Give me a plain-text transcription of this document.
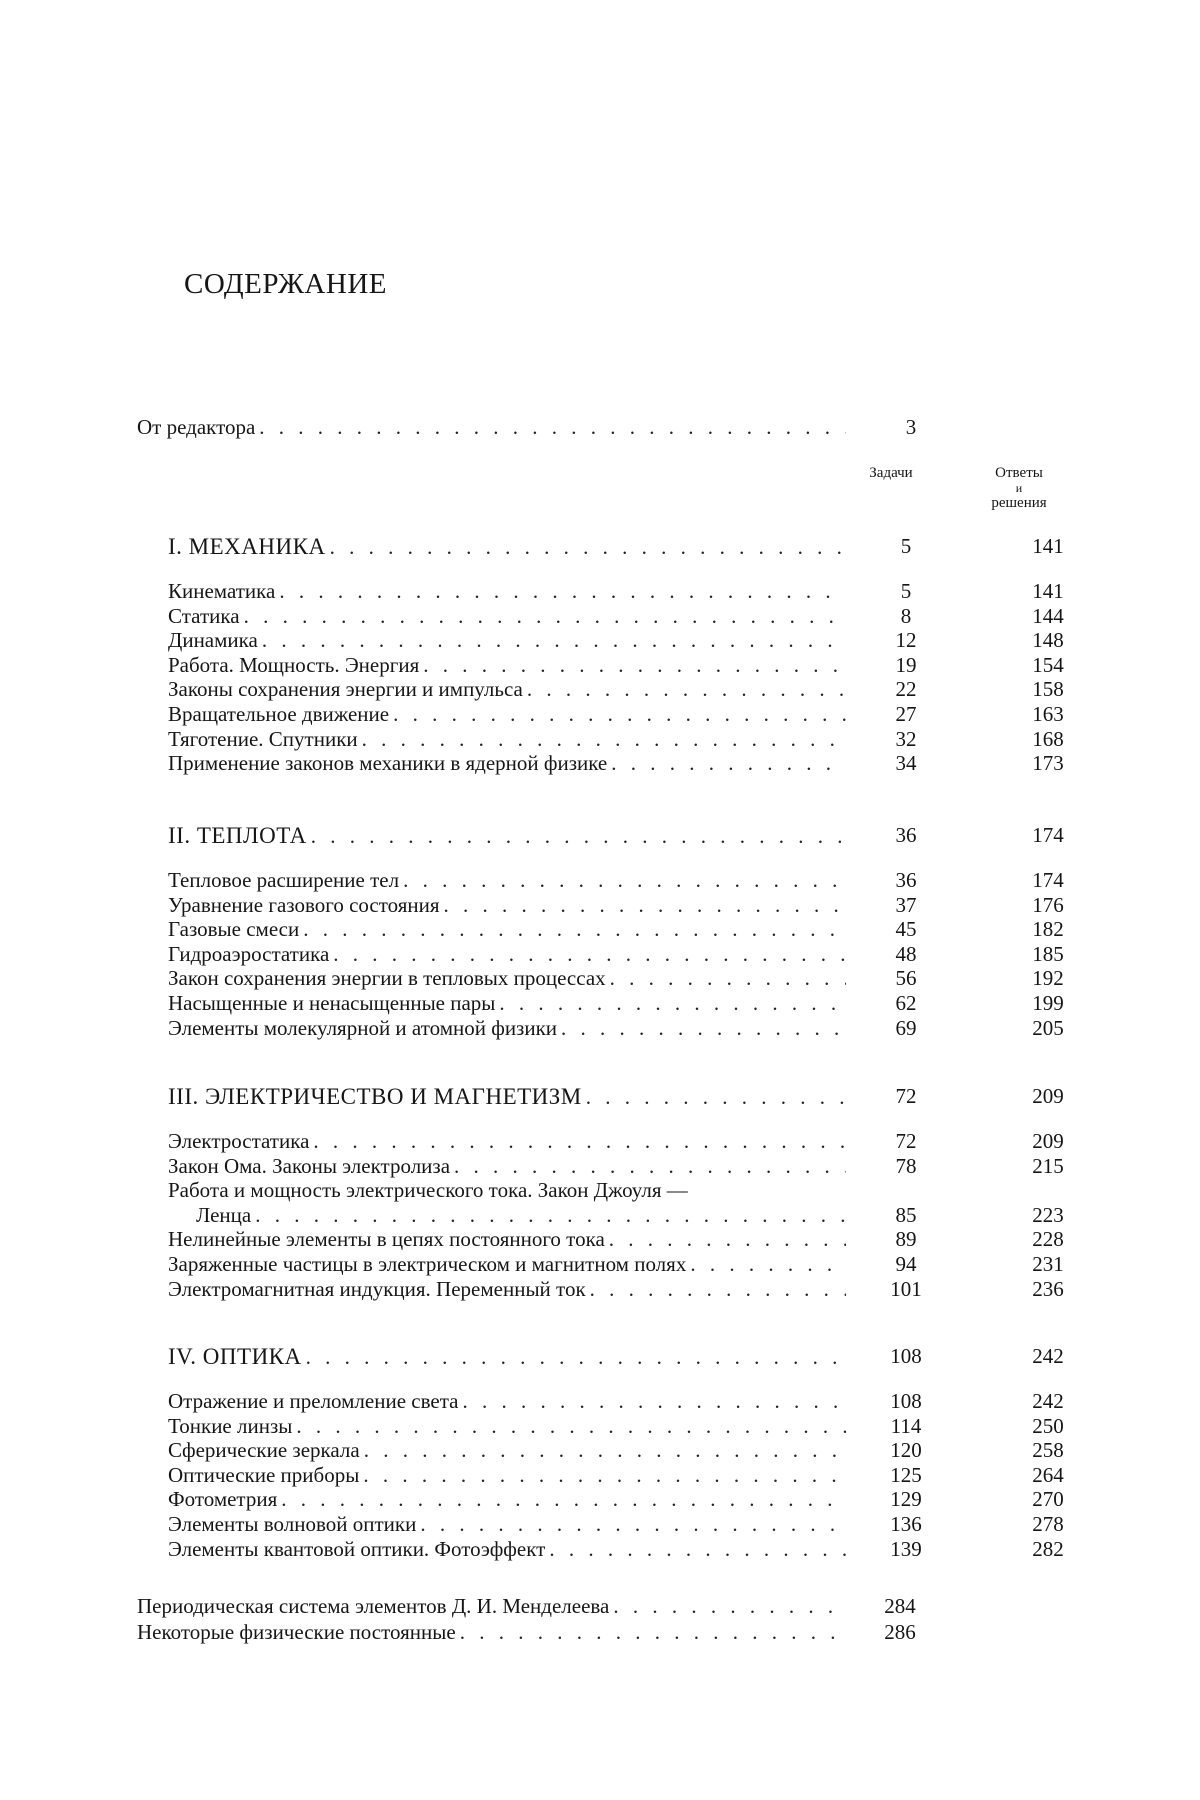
СОДЕРЖАНИЕ
От редактора . . .	3
Задачи	Ответы
и
решения
I. МЕХАНИКА . . .	5	141
Кинематика . . .	5	141
Статика . . .	8	144
Динамика . . .	12	148
Работа. Мощность. Энергия . . .	19	154
Законы сохранения энергии и импульса . . .	22	158
Вращательное движение . . .	27	163
Тяготение. Спутники . . .	32	168
Применение законов механики в ядерной физике . . .	34	173
II. ТЕПЛОТА . . .	36	174
Тепловое расширение тел . . .	36	174
Уравнение газового состояния . . .	37	176
Газовые смеси . . .	45	182
Гидроаэростатика . . .	48	185
Закон сохранения энергии в тепловых процессах . . .	56	192
Насыщенные и ненасыщенные пары . . .	62	199
Элементы молекулярной и атомной физики . . .	69	205
III. ЭЛЕКТРИЧЕСТВО И МАГНЕТИЗМ . . .	72	209
Электростатика . . .	72	209
Закон Ома. Законы электролиза . . .	78	215
Работа и мощность электрического тока. Закон Джоуля —
Ленца . . .	85	223
Нелинейные элементы в цепях постоянного тока . . .	89	228
Заряженные частицы в электрическом и магнитном полях . . .	94	231
Электромагнитная индукция. Переменный ток . . .	101	236
IV. ОПТИКА . . .	108	242
Отражение и преломление света . . .	108	242
Тонкие линзы . . .	114	250
Сферические зеркала . . .	120	258
Оптические приборы . . .	125	264
Фотометрия . . .	129	270
Элементы волновой оптики . . .	136	278
Элементы квантовой оптики. Фотоэффект . . .	139	282
Периодическая система элементов Д. И. Менделеева . . .	284
Некоторые физические постоянные . . .	286
